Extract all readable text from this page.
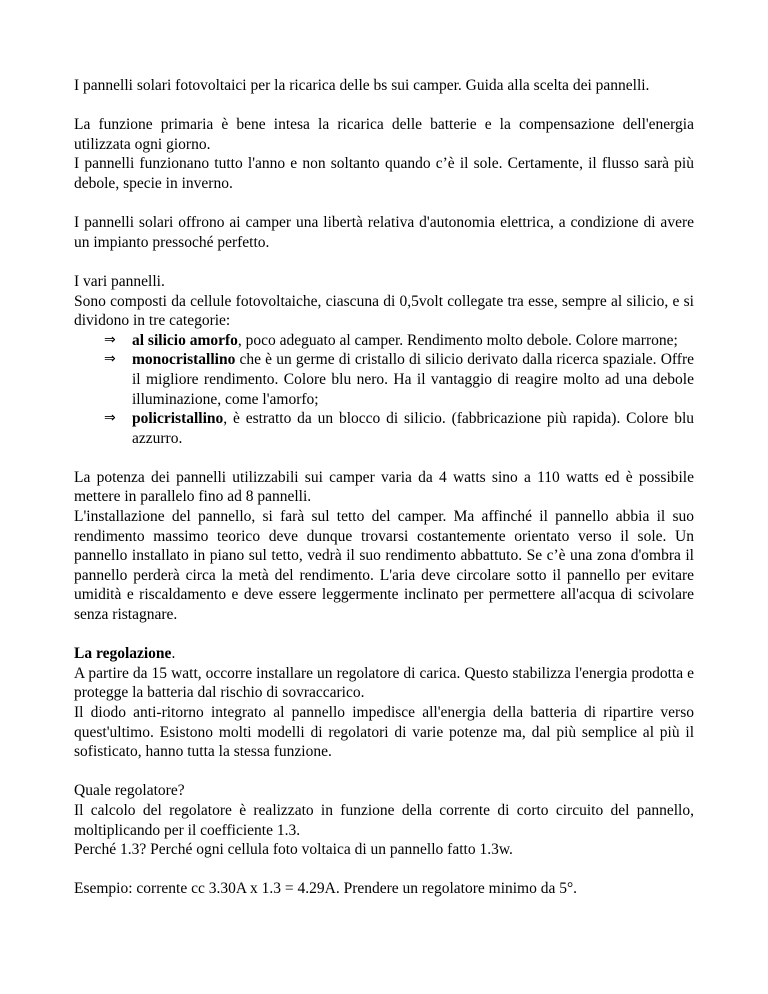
I pannelli solari fotovoltaici per la ricarica delle bs sui camper. Guida alla scelta dei pannelli.

La funzione primaria è bene intesa la ricarica delle batterie e la compensazione dell'energia utilizzata ogni giorno.

I pannelli funzionano tutto l'anno e non soltanto quando c’è il sole. Certamente, il flusso sarà più debole, specie in inverno.

I pannelli solari offrono ai camper una libertà relativa d'autonomia elettrica, a condizione di avere un impianto pressoché perfetto.

I vari pannelli.

Sono composti da cellule fotovoltaiche, ciascuna di 0,5volt collegate tra esse, sempre al silicio, e si dividono in tre categorie:

⇒ al silicio amorfo, poco adeguato al camper. Rendimento molto debole. Colore marrone;
⇒ monocristallino che è un germe di cristallo di silicio derivato dalla ricerca spaziale. Offre il migliore rendimento. Colore blu nero. Ha il vantaggio di reagire molto ad una debole illuminazione, come l'amorfo;
⇒ policristallino, è estratto da un blocco di silicio. (fabbricazione più rapida). Colore blu azzurro.

La potenza dei pannelli utilizzabili sui camper varia da 4 watts sino a 110 watts ed è possibile mettere in parallelo fino ad 8 pannelli.

L'installazione del pannello, si farà sul tetto del camper. Ma affinché il pannello abbia il suo rendimento massimo teorico deve dunque trovarsi costantemente orientato verso il sole. Un pannello installato in piano sul tetto, vedrà il suo rendimento abbattuto. Se c’è una zona d'ombra il pannello perderà circa la metà del rendimento. L'aria deve circolare sotto il pannello per evitare umidità e riscaldamento e deve essere leggermente inclinato per permettere all'acqua di scivolare senza ristagnare.

La regolazione.

A partire da 15 watt, occorre installare un regolatore di carica. Questo stabilizza l'energia prodotta e protegge la batteria dal rischio di sovraccarico.

Il diodo anti-ritorno integrato al pannello impedisce all'energia della batteria di ripartire verso quest'ultimo. Esistono molti modelli di regolatori di varie potenze ma, dal più semplice al più il sofisticato, hanno tutta la stessa funzione.

Quale regolatore?

Il calcolo del regolatore è realizzato in funzione della corrente di corto circuito del pannello, moltiplicando per il coefficiente 1.3.

Perché 1.3? Perché ogni cellula foto voltaica di un pannello fatto 1.3w.

Esempio: corrente cc 3.30A x 1.3 = 4.29A. Prendere un regolatore minimo da 5°.
